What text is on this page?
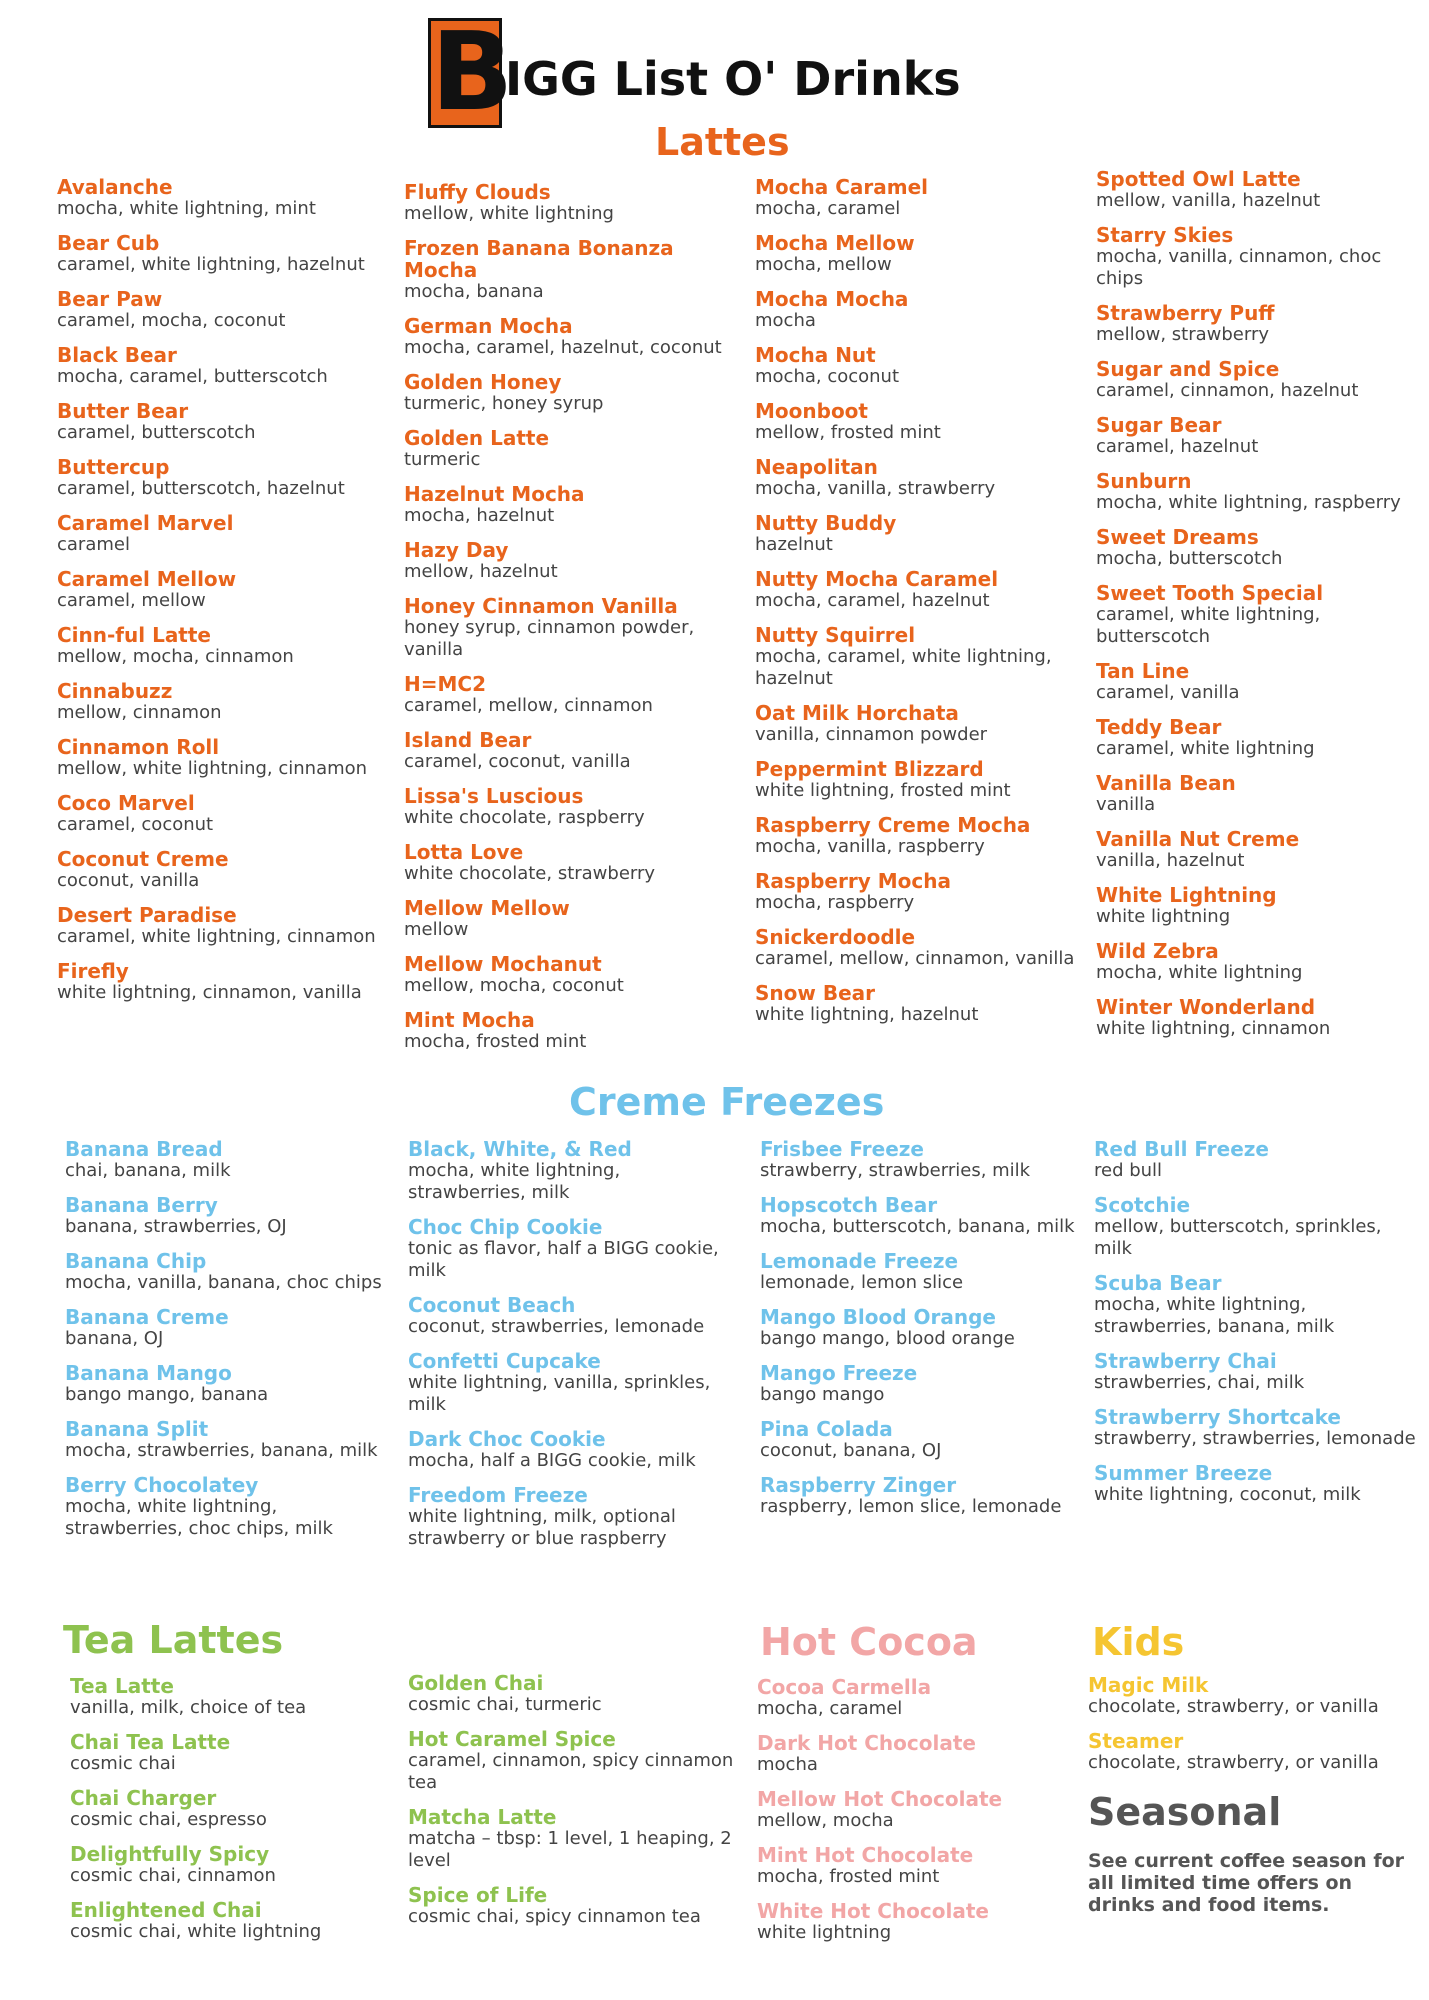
B
IGG List O' Drinks
Lattes
Avalanche
mocha, white lightning, mint
Bear Cub
caramel, white lightning, hazelnut
Bear Paw
caramel, mocha, coconut
Black Bear
mocha, caramel, butterscotch
Butter Bear
caramel, butterscotch
Buttercup
caramel, butterscotch, hazelnut
Caramel Marvel
caramel
Caramel Mellow
caramel, mellow
Cinn-ful Latte
mellow, mocha, cinnamon
Cinnabuzz
mellow, cinnamon
Cinnamon Roll
mellow, white lightning, cinnamon
Coco Marvel
caramel, coconut
Coconut Creme
coconut, vanilla
Desert Paradise
caramel, white lightning, cinnamon
Firefly
white lightning, cinnamon, vanilla
Fluffy Clouds
mellow, white lightning
Frozen Banana Bonanza Mocha
mocha, banana
German Mocha
mocha, caramel, hazelnut, coconut
Golden Honey
turmeric, honey syrup
Golden Latte
turmeric
Hazelnut Mocha
mocha, hazelnut
Hazy Day
mellow, hazelnut
Honey Cinnamon Vanilla
honey syrup, cinnamon powder, vanilla
H=MC2
caramel, mellow, cinnamon
Island Bear
caramel, coconut, vanilla
Lissa's Luscious
white chocolate, raspberry
Lotta Love
white chocolate, strawberry
Mellow Mellow
mellow
Mellow Mochanut
mellow, mocha, coconut
Mint Mocha
mocha, frosted mint
Mocha Caramel
mocha, caramel
Mocha Mellow
mocha, mellow
Mocha Mocha
mocha
Mocha Nut
mocha, coconut
Moonboot
mellow, frosted mint
Neapolitan
mocha, vanilla, strawberry
Nutty Buddy
hazelnut
Nutty Mocha Caramel
mocha, caramel, hazelnut
Nutty Squirrel
mocha, caramel, white lightning, hazelnut
Oat Milk Horchata
vanilla, cinnamon powder
Peppermint Blizzard
white lightning, frosted mint
Raspberry Creme Mocha
mocha, vanilla, raspberry
Raspberry Mocha
mocha, raspberry
Snickerdoodle
caramel, mellow, cinnamon, vanilla
Snow Bear
white lightning, hazelnut
Spotted Owl Latte
mellow, vanilla, hazelnut
Starry Skies
mocha, vanilla, cinnamon, choc chips
Strawberry Puff
mellow, strawberry
Sugar and Spice
caramel, cinnamon, hazelnut
Sugar Bear
caramel, hazelnut
Sunburn
mocha, white lightning, raspberry
Sweet Dreams
mocha, butterscotch
Sweet Tooth Special
caramel, white lightning, butterscotch
Tan Line
caramel, vanilla
Teddy Bear
caramel, white lightning
Vanilla Bean
vanilla
Vanilla Nut Creme
vanilla, hazelnut
White Lightning
white lightning
Wild Zebra
mocha, white lightning
Winter Wonderland
white lightning, cinnamon
Creme Freezes
Banana Bread
chai, banana, milk
Banana Berry
banana, strawberries, OJ
Banana Chip
mocha, vanilla, banana, choc chips
Banana Creme
banana, OJ
Banana Mango
bango mango, banana
Banana Split
mocha, strawberries, banana, milk
Berry Chocolatey
mocha, white lightning, strawberries, choc chips, milk
Black, White, & Red
mocha, white lightning, strawberries, milk
Choc Chip Cookie
tonic as flavor, half a BIGG cookie, milk
Coconut Beach
coconut, strawberries, lemonade
Confetti Cupcake
white lightning, vanilla, sprinkles, milk
Dark Choc Cookie
mocha, half a BIGG cookie, milk
Freedom Freeze
white lightning, milk, optional strawberry or blue raspberry
Frisbee Freeze
strawberry, strawberries, milk
Hopscotch Bear
mocha, butterscotch, banana, milk
Lemonade Freeze
lemonade, lemon slice
Mango Blood Orange
bango mango, blood orange
Mango Freeze
bango mango
Pina Colada
coconut, banana, OJ
Raspberry Zinger
raspberry, lemon slice, lemonade
Red Bull Freeze
red bull
Scotchie
mellow, butterscotch, sprinkles, milk
Scuba Bear
mocha, white lightning, strawberries, banana, milk
Strawberry Chai
strawberries, chai, milk
Strawberry Shortcake
strawberry, strawberries, lemonade
Summer Breeze
white lightning, coconut, milk
Tea Lattes
Tea Latte
vanilla, milk, choice of tea
Chai Tea Latte
cosmic chai
Chai Charger
cosmic chai, espresso
Delightfully Spicy
cosmic chai, cinnamon
Enlightened Chai
cosmic chai, white lightning
Golden Chai
cosmic chai, turmeric
Hot Caramel Spice
caramel, cinnamon, spicy cinnamon tea
Matcha Latte
matcha – tbsp: 1 level, 1 heaping, 2 level
Spice of Life
cosmic chai, spicy cinnamon tea
Hot Cocoa
Cocoa Carmella
mocha, caramel
Dark Hot Chocolate
mocha
Mellow Hot Chocolate
mellow, mocha
Mint Hot Chocolate
mocha, frosted mint
White Hot Chocolate
white lightning
Kids
Magic Milk
chocolate, strawberry, or vanilla
Steamer
chocolate, strawberry, or vanilla
Seasonal
See current coffee season for all limited time offers on drinks and food items.
